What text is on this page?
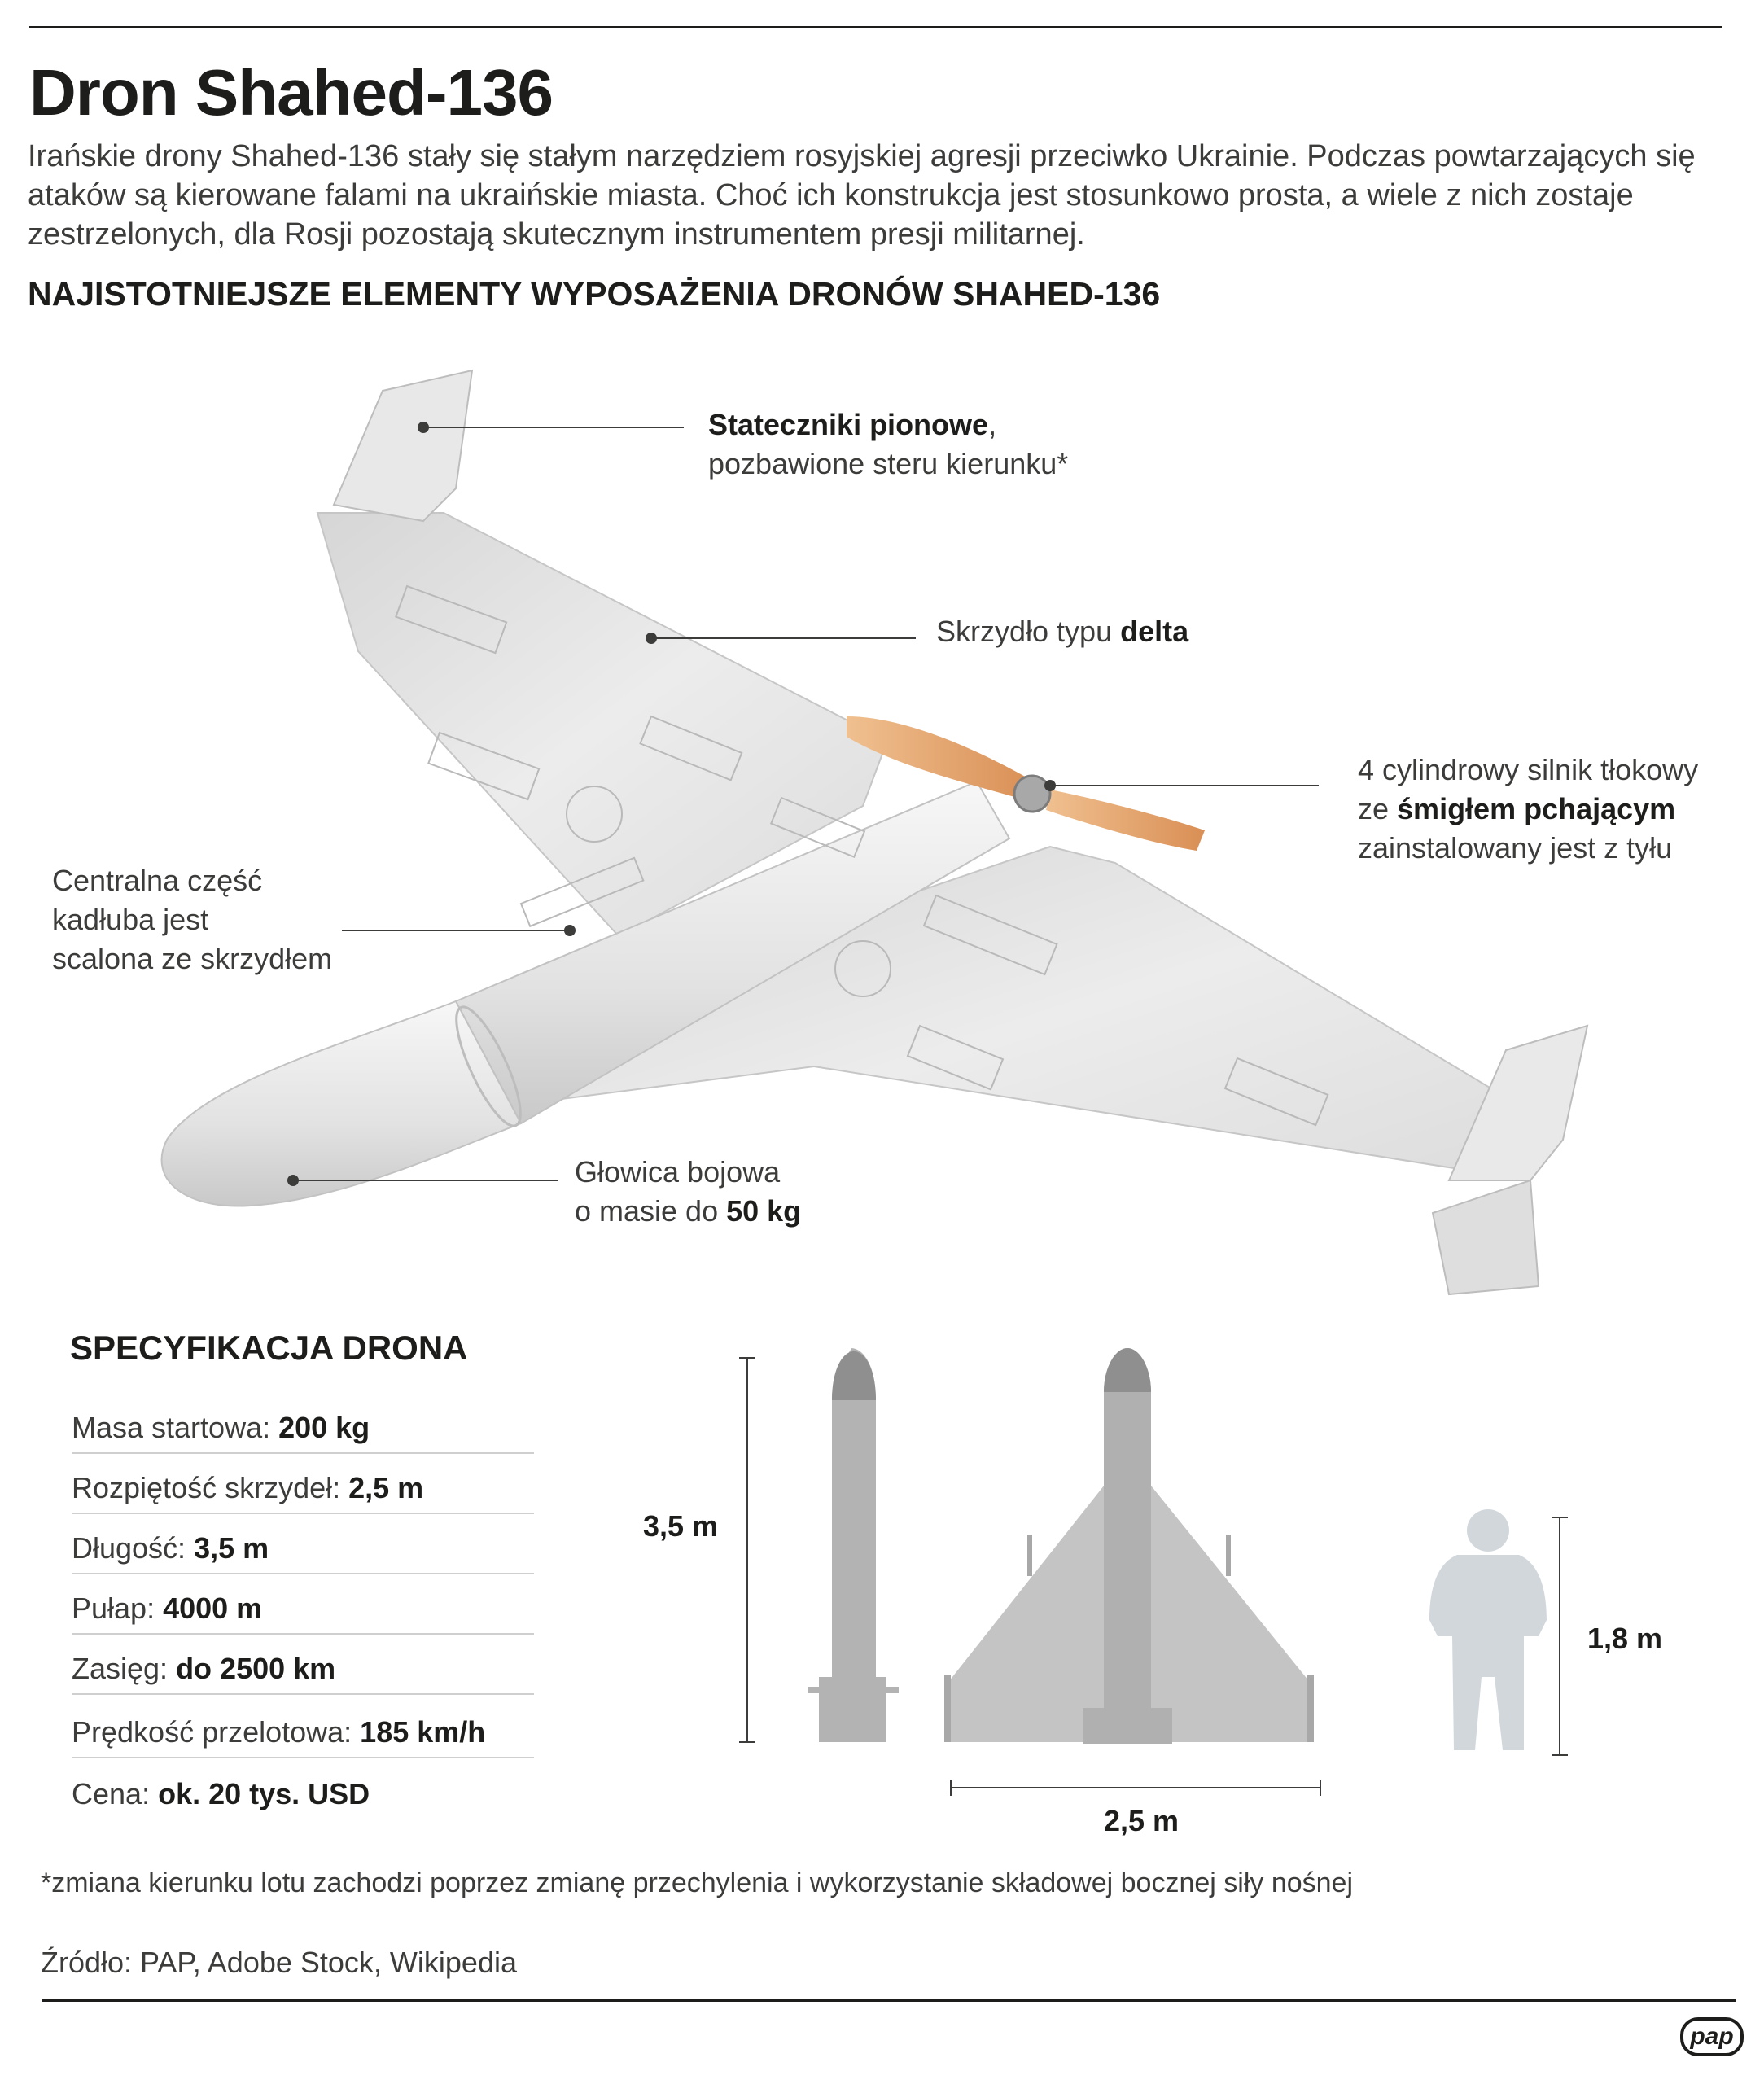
Dron Shahed-136

Irańskie drony Shahed-136 stały się stałym narzędziem rosyjskiej agresji przeciwko Ukrainie. Podczas powtarzających się ataków są kierowane falami na ukraińskie miasta. Choć ich konstrukcja jest stosunkowo prosta, a wiele z nich zostaje zestrzelonych, dla Rosji pozostają skutecznym instrumentem presji militarnej.

NAJISTOTNIEJSZE ELEMENTY WYPOSAŻENIA DRONÓW SHAHED-136
Stateczniki pionowe,
pozbawione steru kierunku*
Skrzydło typu delta
4 cylindrowy silnik tłokowy
ze śmigłem pchającym
zainstalowany jest z tyłu
Centralna część
kadłuba jest
scalona ze skrzydłem
Głowica bojowa
o masie do 50 kg
SPECYFIKACJA DRONA
Masa startowa: 200 kg
Rozpiętość skrzydeł: 2,5 m
Długość: 3,5 m
Pułap: 4000 m
Zasięg: do 2500 km
Prędkość przelotowa: 185 km/h
Cena: ok. 20 tys. USD
3,5 m
2,5 m
1,8 m
*zmiana kierunku lotu zachodzi poprzez zmianę przechylenia i wykorzystanie składowej bocznej siły nośnej
Źródło: PAP, Adobe Stock, Wikipedia
pap
